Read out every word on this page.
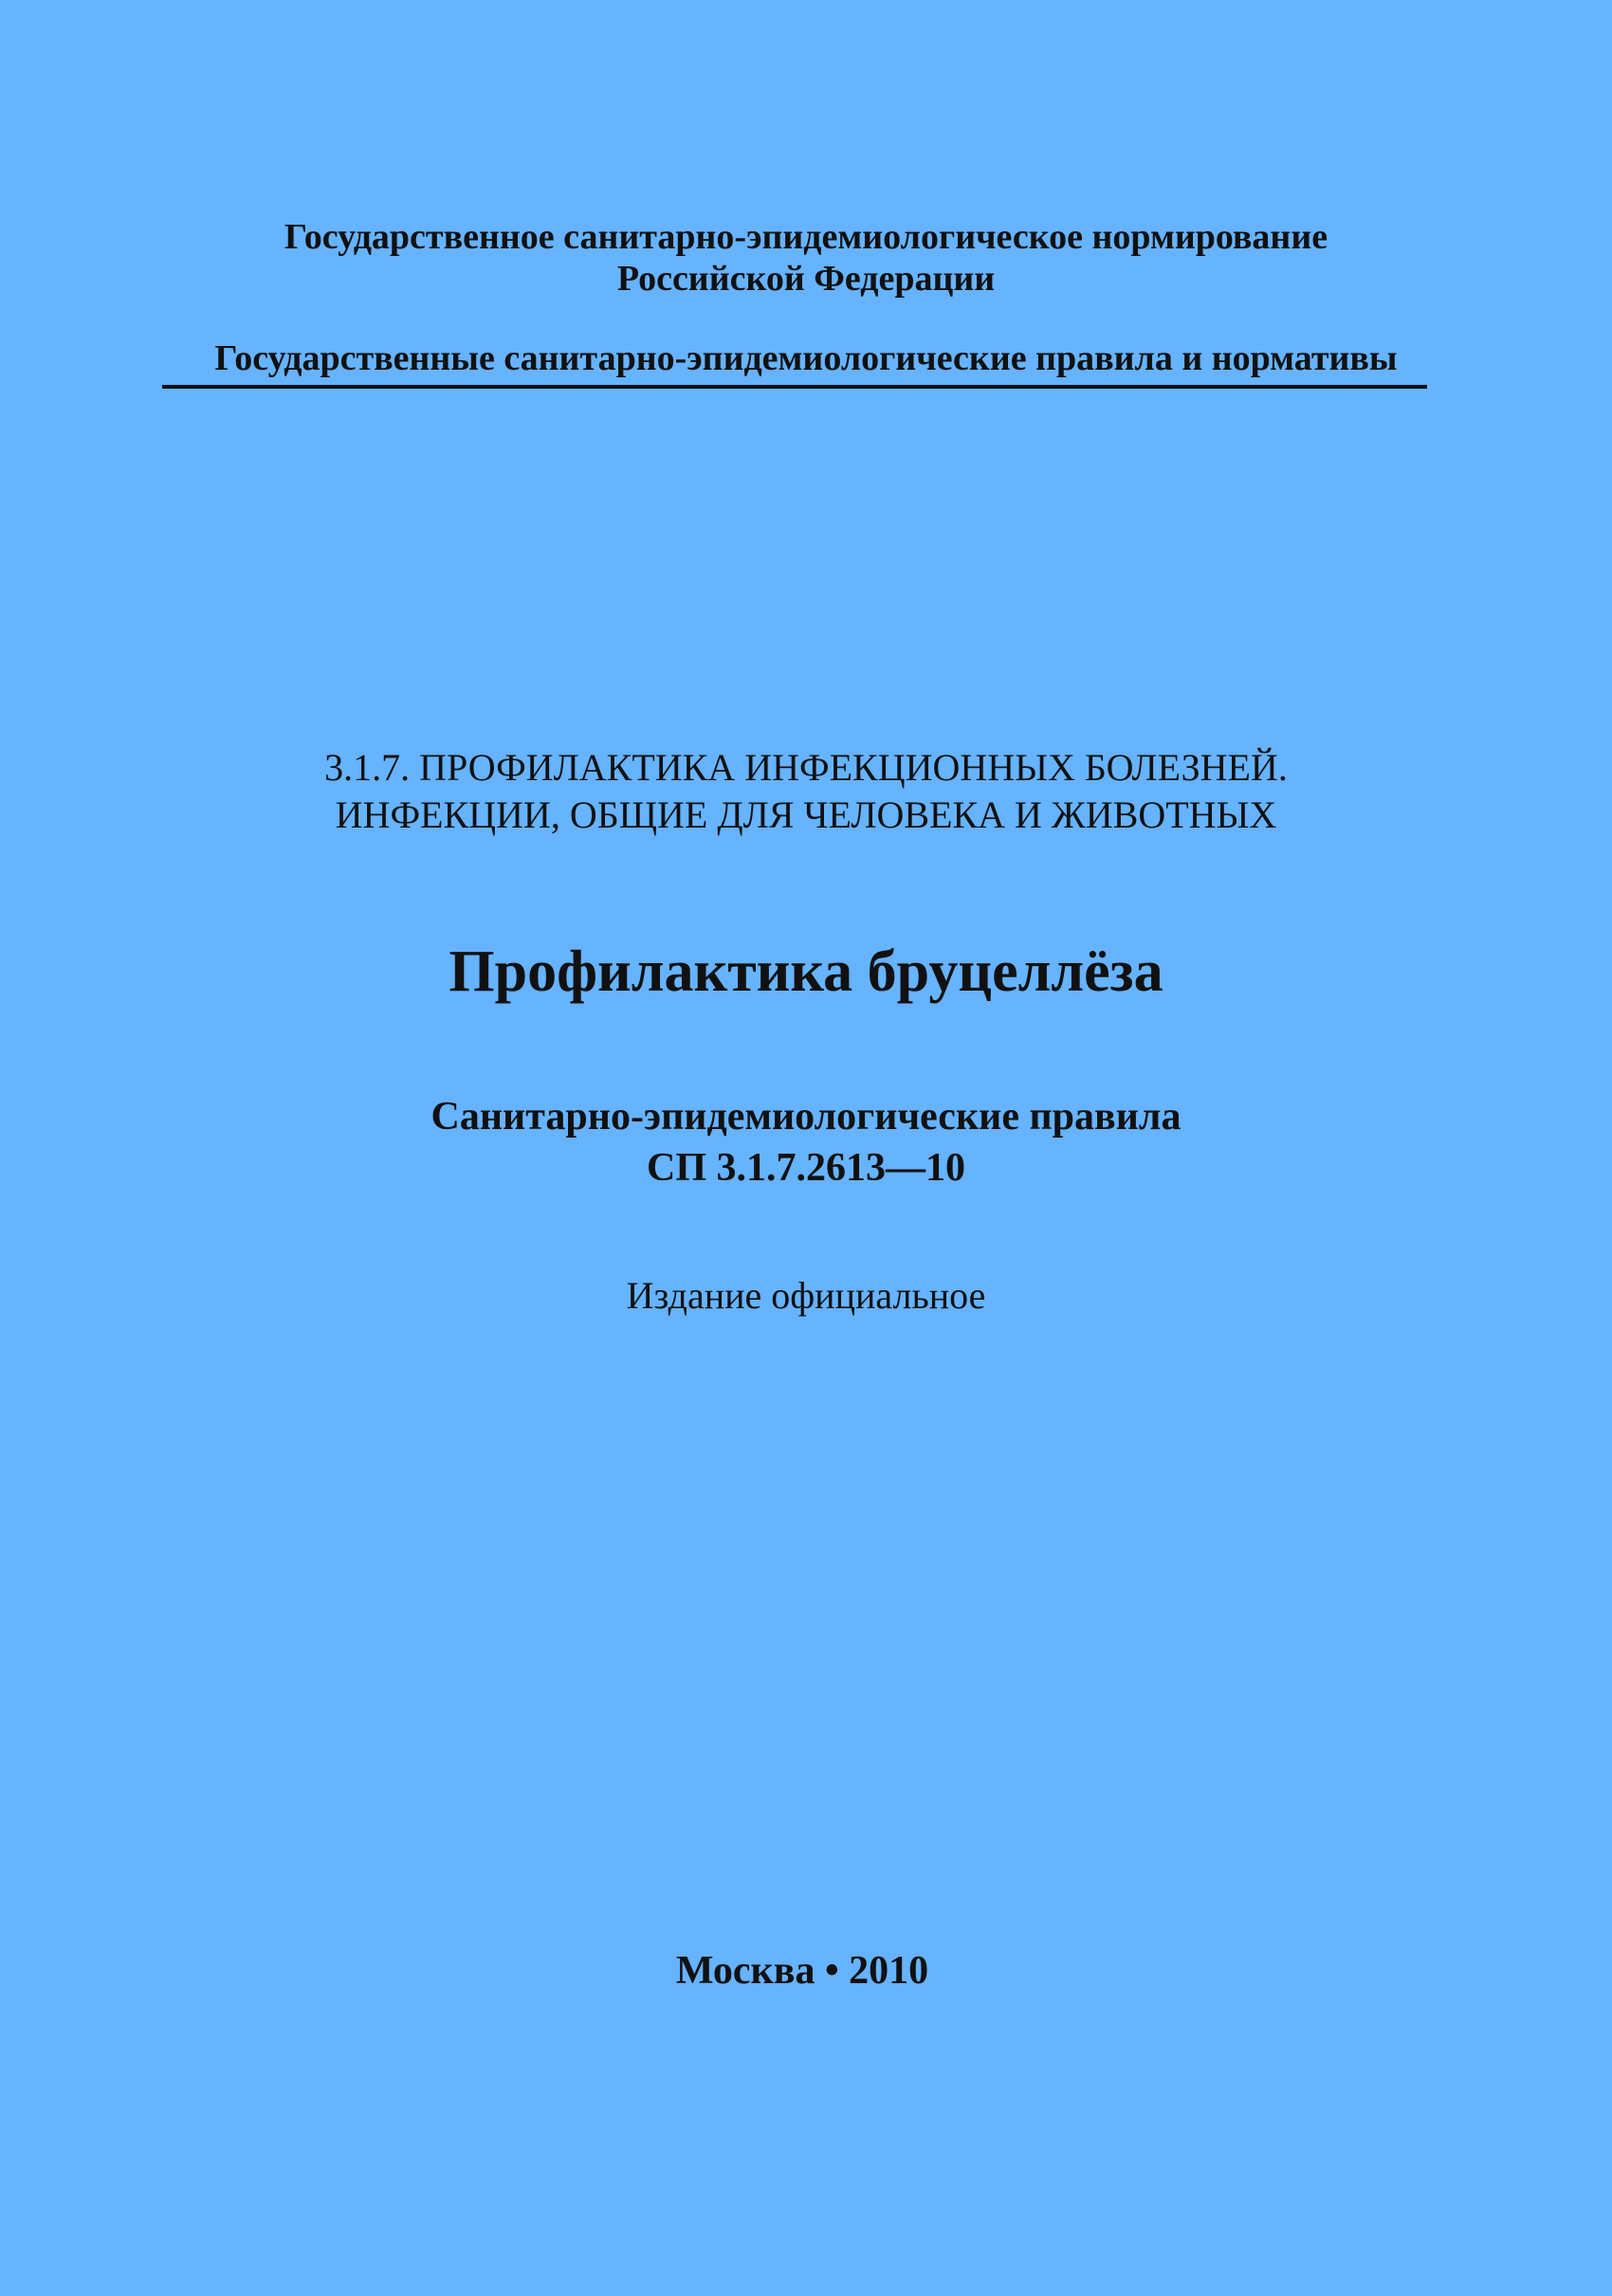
Государственное санитарно-эпидемиологическое нормирование
Российской Федерации
Государственные санитарно-эпидемиологические правила и нормативы
3.1.7. ПРОФИЛАКТИКА ИНФЕКЦИОННЫХ БОЛЕЗНЕЙ.
ИНФЕКЦИИ, ОБЩИЕ ДЛЯ ЧЕЛОВЕКА И ЖИВОТНЫХ
Профилактика бруцеллёза
Санитарно-эпидемиологические правила
СП 3.1.7.2613—10
Издание официальное
Москва • 2010
